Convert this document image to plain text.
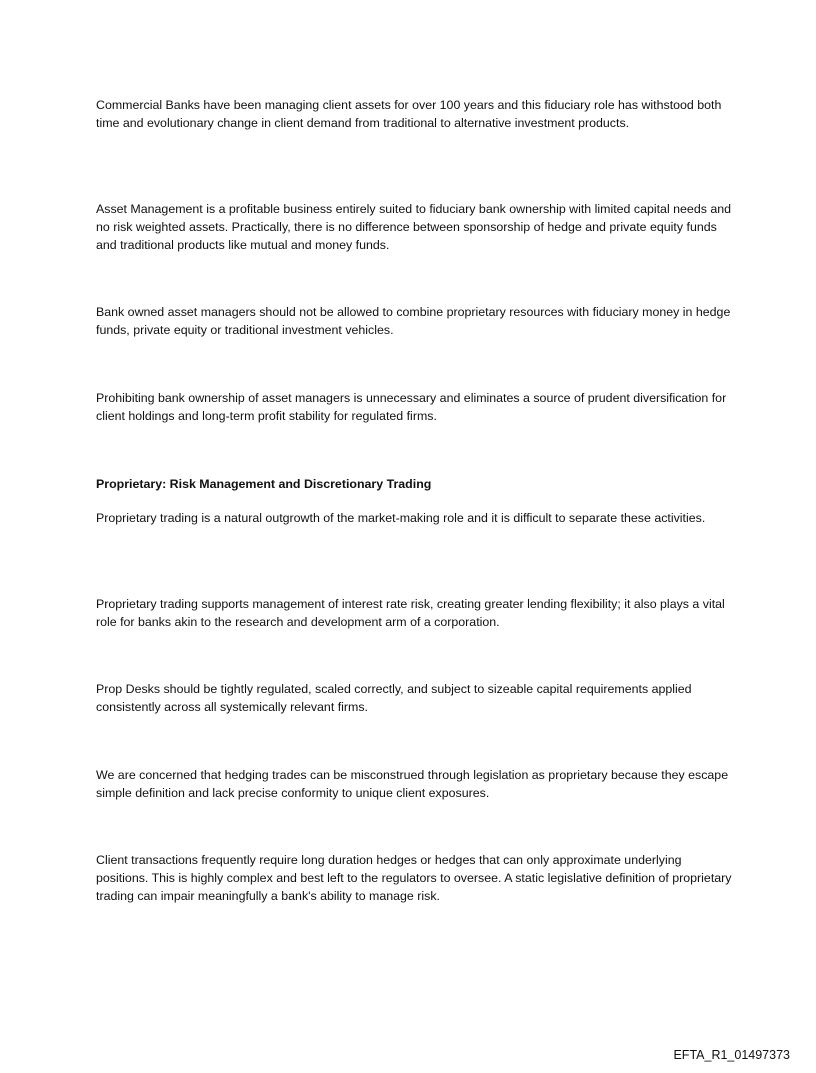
Commercial Banks have been managing client assets for over 100 years and this fiduciary role has withstood both time and evolutionary change in client demand from traditional to alternative investment products.

Asset Management is a profitable business entirely suited to fiduciary bank ownership with limited capital needs and no risk weighted assets. Practically, there is no difference between sponsorship of hedge and private equity funds and traditional products like mutual and money funds.

Bank owned asset managers should not be allowed to combine proprietary resources with fiduciary money in hedge funds, private equity or traditional investment vehicles.

Prohibiting bank ownership of asset managers is unnecessary and eliminates a source of prudent diversification for client holdings and long-term profit stability for regulated firms.

Proprietary: Risk Management and Discretionary Trading

Proprietary trading is a natural outgrowth of the market-making role and it is difficult to separate these activities.

Proprietary trading supports management of interest rate risk, creating greater lending flexibility; it also plays a vital role for banks akin to the research and development arm of a corporation.

Prop Desks should be tightly regulated, scaled correctly, and subject to sizeable capital requirements applied consistently across all systemically relevant firms.

We are concerned that hedging trades can be misconstrued through legislation as proprietary because they escape simple definition and lack precise conformity to unique client exposures.

Client transactions frequently require long duration hedges or hedges that can only approximate underlying positions. This is highly complex and best left to the regulators to oversee. A static legislative definition of proprietary trading can impair meaningfully a bank's ability to manage risk.

EFTA_R1_01497373
